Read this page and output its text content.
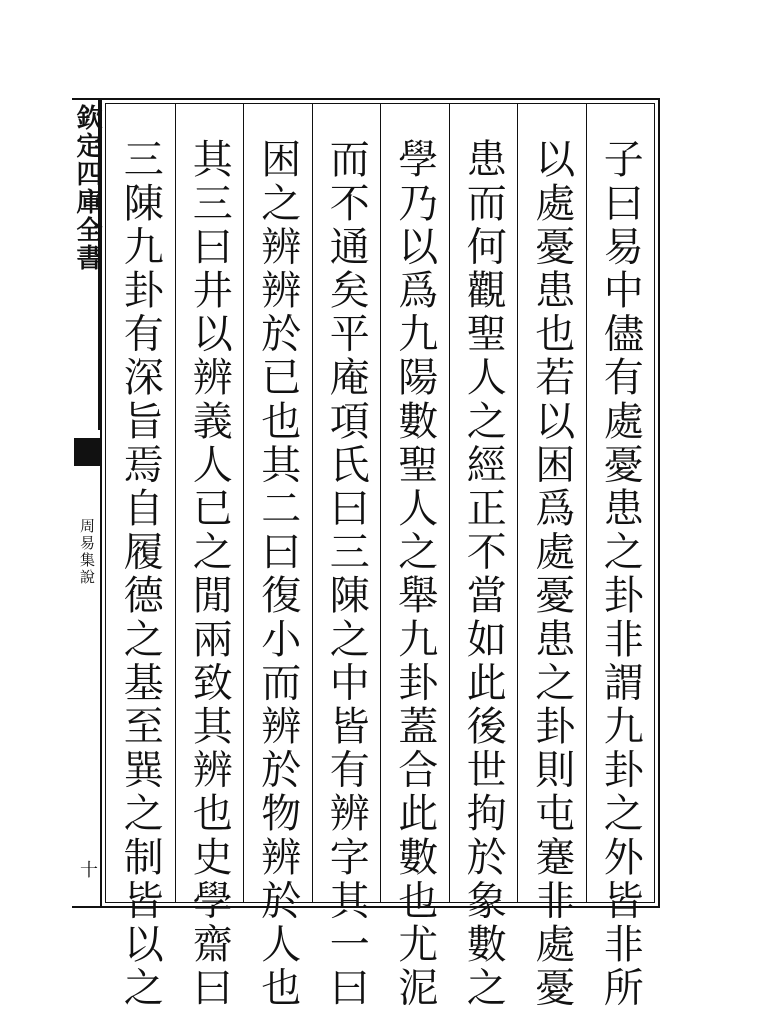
欽定四庫全書
周易集說
十	子曰易中儘有處憂患之卦非謂九卦之外皆非所
以處憂患也若以困爲處憂患之卦則屯蹇非處憂
患而何觀聖人之經正不當如此後世拘於象數之
學乃以爲九陽數聖人之舉九卦蓋合此數也尤泥
而不通矣平庵項氏曰三陳之中皆有辨字其一曰
困之辨辨於已也其二曰復小而辨於物辨於人也
其三曰井以辨義人已之閒兩致其辨也史學齋曰
三陳九卦有深旨焉自履德之基至巽之制皆以之
